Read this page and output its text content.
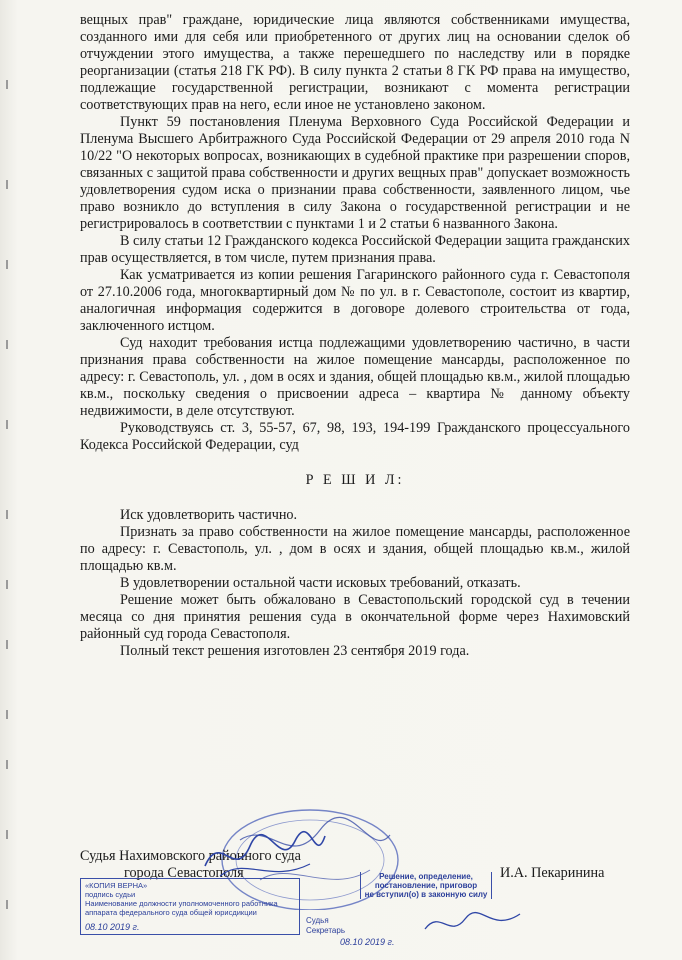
вещных прав" граждане, юридические лица являются собственниками имущества, созданного ими для себя или приобретенного от других лиц на основании сделок об отчуждении этого имущества, а также перешедшего по наследству или в порядке реорганизации (статья 218 ГК РФ). В силу пункта 2 статьи 8 ГК РФ права на имущество, подлежащие государственной регистрации, возникают с момента регистрации соответствующих прав на него, если иное не установлено законом.

Пункт 59 постановления Пленума Верховного Суда Российской Федерации и Пленума Высшего Арбитражного Суда Российской Федерации от 29 апреля 2010 года N 10/22 "О некоторых вопросах, возникающих в судебной практике при разрешении споров, связанных с защитой права собственности и других вещных прав" допускает возможность удовлетворения судом иска о признании права собственности, заявленного лицом, чье право возникло до вступления в силу Закона о государственной регистрации и не регистрировалось в соответствии с пунктами 1 и 2 статьи 6 названного Закона.

В силу статьи 12 Гражданского кодекса Российской Федерации защита гражданских прав осуществляется, в том числе, путем признания права.

Как усматривается из копии решения Гагаринского районного суда г. Севастополя от 27.10.2006 года, многоквартирный дом № по ул. в г. Севастополе, состоит из квартир, аналогичная информация содержится в договоре долевого строительства от года, заключенного истцом.

Суд находит требования истца подлежащими удовлетворению частично, в части признания права собственности на жилое помещение мансарды, расположенное по адресу: г. Севастополь, ул. , дом в осях и здания, общей площадью кв.м., жилой площадью кв.м., поскольку сведения о присвоении адреса – квартира № данному объекту недвижимости, в деле отсутствуют.

Руководствуясь ст. 3, 55-57, 67, 98, 193, 194-199 Гражданского процессуального Кодекса Российской Федерации, суд

Р Е Ш И Л:

Иск удовлетворить частично.

Признать за право собственности на жилое помещение мансарды, расположенное по адресу: г. Севастополь, ул. , дом в осях и здания, общей площадью кв.м., жилой площадью кв.м.

В удовлетворении остальной части исковых требований, отказать.

Решение может быть обжаловано в Севастопольский городской суд в течении месяца со дня принятия решения суда в окончательной форме через Нахимовский районный суд города Севастополя.

Полный текст решения изготовлен 23 сентября 2019 года.

Судья Нахимовского районного суда
города Севастополя	И.А. Пекаринина
«КОПИЯ ВЕРНА»
подпись судьи
Наименование должности уполномоченного работника
аппарата федерального суда общей юрисдикции
08.10 2019 г.
Решение, определение,
постановление, приговор
не вступил(о) в законную силу
Судья
Секретарь
08.10 2019 г.
